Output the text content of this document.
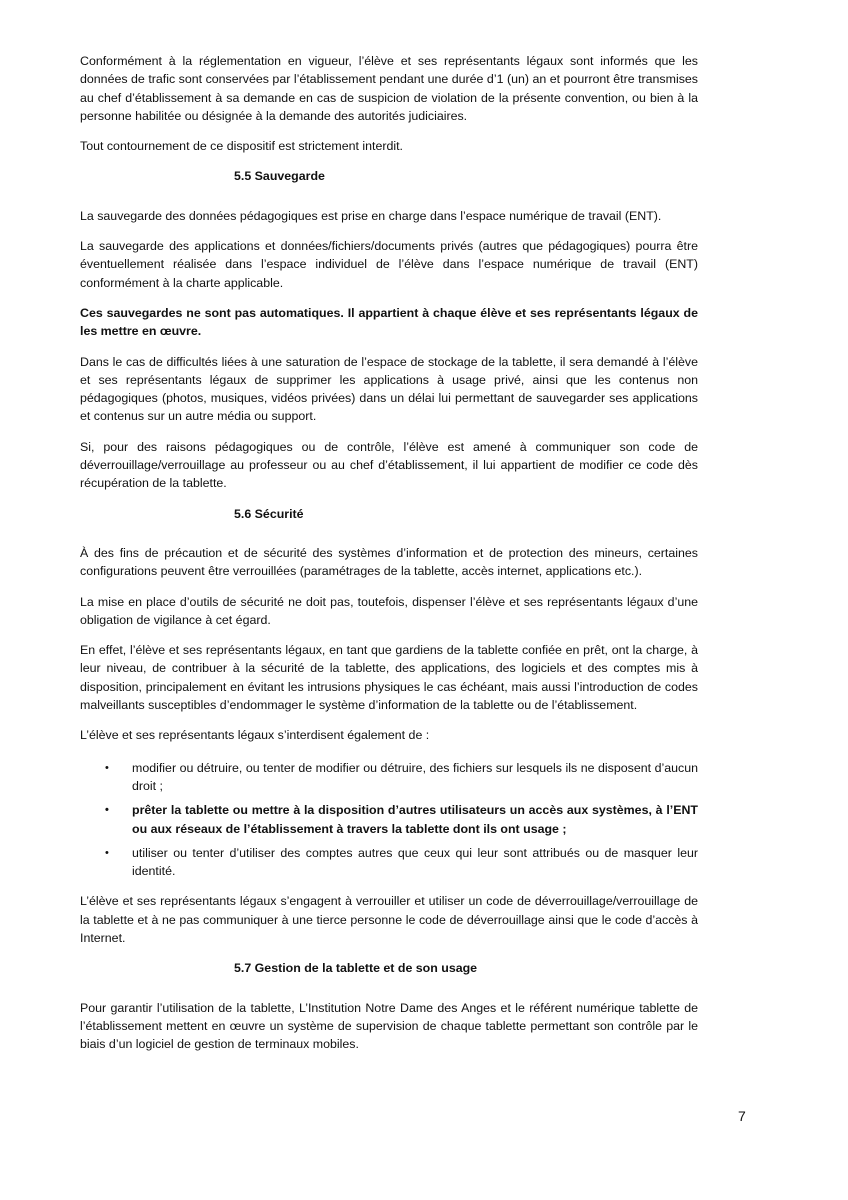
Conformément à la réglementation en vigueur, l’élève et ses représentants légaux sont informés que les données de trafic sont conservées par l’établissement pendant une durée d’1 (un) an et pourront être transmises au chef d’établissement à sa demande en cas de suspicion de violation de la présente convention, ou bien à la personne habilitée ou désignée à la demande des autorités judiciaires.

Tout contournement de ce dispositif est strictement interdit.

5.5 Sauvegarde

La sauvegarde des données pédagogiques est prise en charge dans l’espace numérique de travail (ENT).

La sauvegarde des applications et données/fichiers/documents privés (autres que pédagogiques) pourra être éventuellement réalisée dans l’espace individuel de l’élève dans l’espace numérique de travail (ENT) conformément à la charte applicable.

Ces sauvegardes ne sont pas automatiques. Il appartient à chaque élève et ses représentants légaux de les mettre en œuvre.

Dans le cas de difficultés liées à une saturation de l’espace de stockage de la tablette, il sera demandé à l’élève et ses représentants légaux de supprimer les applications à usage privé, ainsi que les contenus non pédagogiques (photos, musiques, vidéos privées) dans un délai lui permettant de sauvegarder ses applications et contenus sur un autre média ou support.

Si, pour des raisons pédagogiques ou de contrôle, l’élève est amené à communiquer son code de déverrouillage/verrouillage au professeur ou au chef d’établissement, il lui appartient de modifier ce code dès récupération de la tablette.

5.6 Sécurité

À des fins de précaution et de sécurité des systèmes d’information et de protection des mineurs, certaines configurations peuvent être verrouillées (paramétrages de la tablette, accès internet, applications etc.).

La mise en place d’outils de sécurité ne doit pas, toutefois, dispenser l’élève et ses représentants légaux d’une obligation de vigilance à cet égard.

En effet, l’élève et ses représentants légaux, en tant que gardiens de la tablette confiée en prêt, ont la charge, à leur niveau, de contribuer à la sécurité de la tablette, des applications, des logiciels et des comptes mis à disposition, principalement en évitant les intrusions physiques le cas échéant, mais aussi l’introduction de codes malveillants susceptibles d’endommager le système d’information de la tablette ou de l’établissement.

L’élève et ses représentants légaux s’interdisent également de :

• modifier ou détruire, ou tenter de modifier ou détruire, des fichiers sur lesquels ils ne disposent d’aucun droit ;
• prêter la tablette ou mettre à la disposition d’autres utilisateurs un accès aux systèmes, à l’ENT ou aux réseaux de l’établissement à travers la tablette dont ils ont usage ;
• utiliser ou tenter d’utiliser des comptes autres que ceux qui leur sont attribués ou de masquer leur identité.

L’élève et ses représentants légaux s’engagent à verrouiller et utiliser un code de déverrouillage/verrouillage de la tablette et à ne pas communiquer à une tierce personne le code de déverrouillage ainsi que le code d’accès à Internet.

5.7 Gestion de la tablette et de son usage

Pour garantir l’utilisation de la tablette, L’Institution Notre Dame des Anges et le référent numérique tablette de l’établissement mettent en œuvre un système de supervision de chaque tablette permettant son contrôle par le biais d’un logiciel de gestion de terminaux mobiles.

7
